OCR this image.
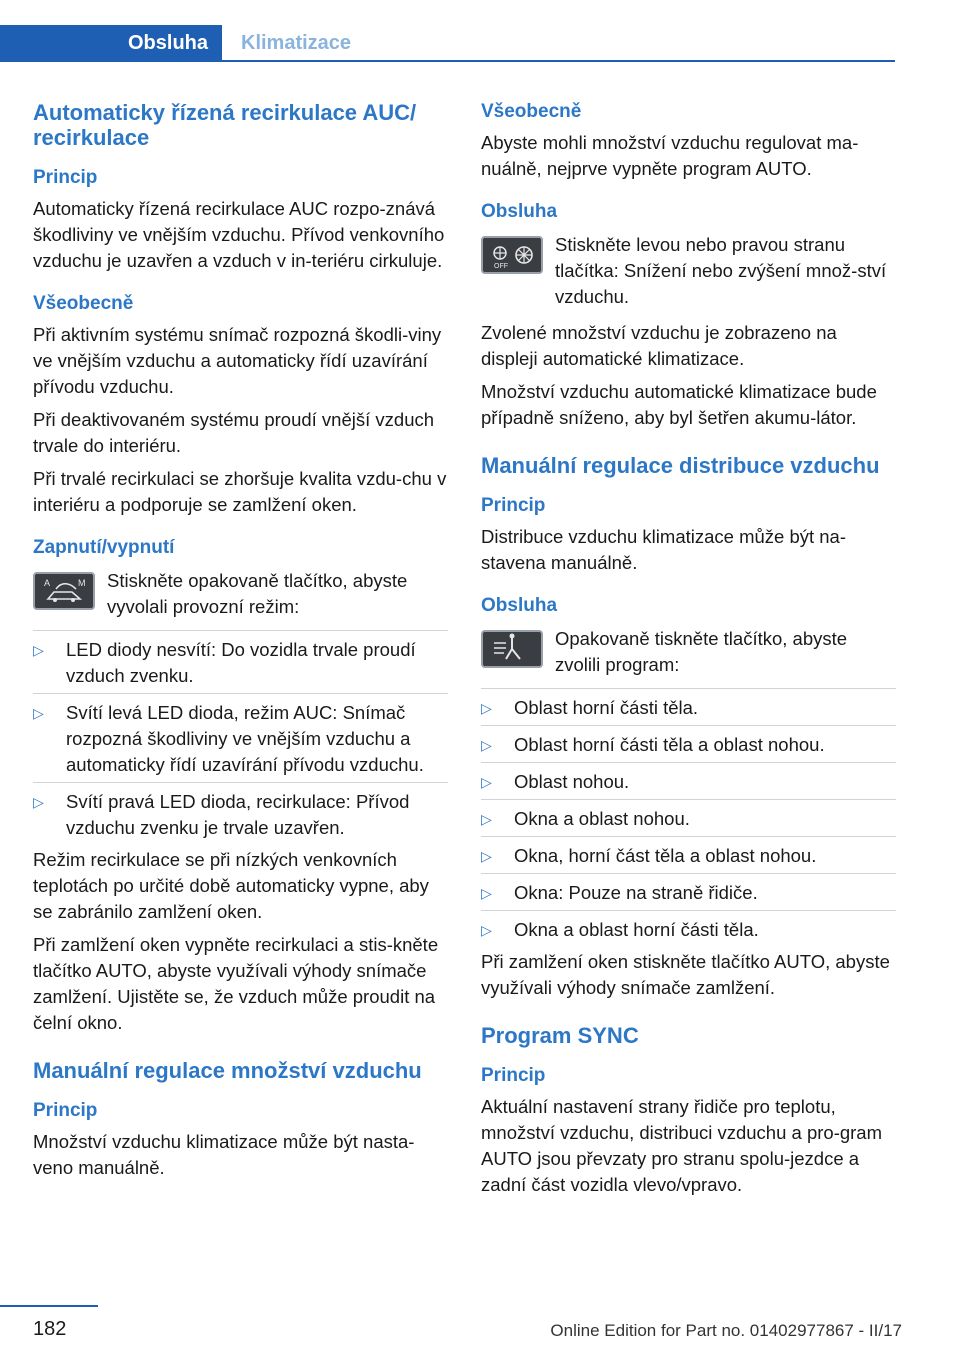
Obsluha Klimatizace
Automaticky řízená recirkulace AUC/ recirkulace
Princip

Automaticky řízená recirkulace AUC rozpo‐znává škodliviny ve vnějším vzduchu. Přívod venkovního vzduchu je uzavřen a vzduch v in‐teriéru cirkuluje.

Všeobecně

Při aktivním systému snímač rozpozná škodli‐viny ve vnějším vzduchu a automaticky řídí uzavírání přívodu vzduchu.

Při deaktivovaném systému proudí vnější vzduch trvale do interiéru.

Při trvalé recirkulaci se zhoršuje kvalita vzdu‐chu v interiéru a podporuje se zamlžení oken.

Zapnutí/vypnutí
A	M Stiskněte opakovaně tlačítko, abyste vyvolali provozní režim:

▷	LED diody nesvítí: Do vozidla trvale proudí vzduch zvenku.
▷	Svítí levá LED dioda, režim AUC: Snímač rozpozná škodliviny ve vnějším vzduchu a automaticky řídí uzavírání přívodu vzduchu.
▷	Svítí pravá LED dioda, recirkulace: Přívod vzduchu zvenku je trvale uzavřen.

Režim recirkulace se při nízkých venkovních teplotách po určité době automaticky vypne, aby se zabránilo zamlžení oken.

Při zamlžení oken vypněte recirkulaci a stis‐kněte tlačítko AUTO, abyste využívali výhody snímače zamlžení. Ujistěte se, že vzduch může proudit na čelní okno.

Manuální regulace množství vzduchu
Princip

Množství vzduchu klimatizace může být nasta‐veno manuálně.

Všeobecně

Abyste mohli množství vzduchu regulovat ma‐nuálně, nejprve vypněte program AUTO.

Obsluha
OFF

Stiskněte levou nebo pravou stranu tlačítka: Snížení nebo zvýšení množ‐ství vzduchu.

Zvolené množství vzduchu je zobrazeno na displeji automatické klimatizace.

Množství vzduchu automatické klimatizace bude případně sníženo, aby byl šetřen akumu‐látor.

Manuální regulace distribuce vzduchu
Princip

Distribuce vzduchu klimatizace může být na‐stavena manuálně.

Obsluha

Opakovaně tiskněte tlačítko, abyste zvolili program:

▷	Oblast horní části těla.
▷	Oblast horní části těla a oblast nohou.
▷	Oblast nohou.
▷	Okna a oblast nohou.
▷	Okna, horní část těla a oblast nohou.
▷	Okna: Pouze na straně řidiče.
▷	Okna a oblast horní části těla.

Při zamlžení oken stiskněte tlačítko AUTO, abyste využívali výhody snímače zamlžení.

Program SYNC
Princip

Aktuální nastavení strany řidiče pro teplotu, množství vzduchu, distribuci vzduchu a pro‐gram AUTO jsou převzaty pro stranu spolu‐jezdce a zadní část vozidla vlevo/vpravo.

182	Online Edition for Part no. 01402977867 - II/17
